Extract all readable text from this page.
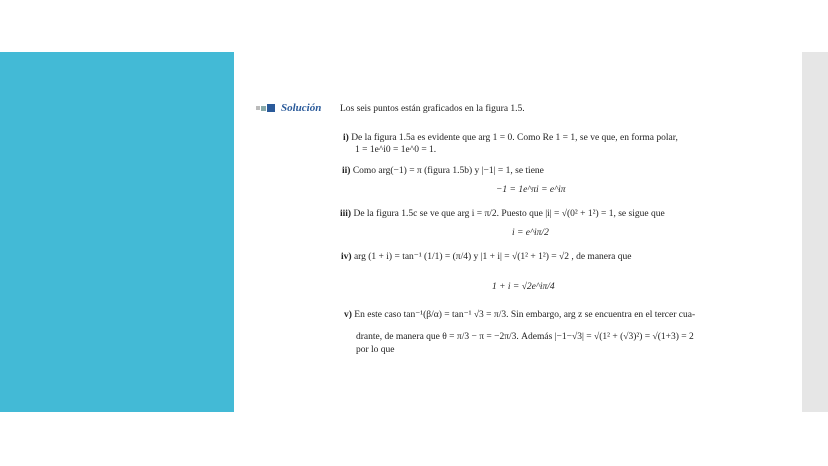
Solución Los seis puntos están graficados en la figura 1.5.
i) De la figura 1.5a es evidente que arg 1 = 0. Como Re 1 = 1, se ve que, en forma polar,
1 = 1e^i0 = 1e^0 = 1.
ii) Como arg(−1) = π (figura 1.5b) y |−1| = 1, se tiene
−1 = 1e^πi = e^iπ
iii) De la figura 1.5c se ve que arg i = π/2. Puesto que |i| = √(0² + 1²) = 1, se sigue que
i = e^iπ/2
iv) arg (1 + i) = tan⁻¹ (1/1) = (π/4) y |1 + i| = √(1² + 1²) = √2 , de manera que
1 + i = √2e^iπ/4
v) En este caso tan⁻¹(β/α) = tan⁻¹ √3 = π/3. Sin embargo, arg z se encuentra en el tercer cua-
drante, de manera que θ = π/3 − π = −2π/3. Además |−1−√3| = √(1² + (√3)²) = √(1+3) = 2
por lo que
